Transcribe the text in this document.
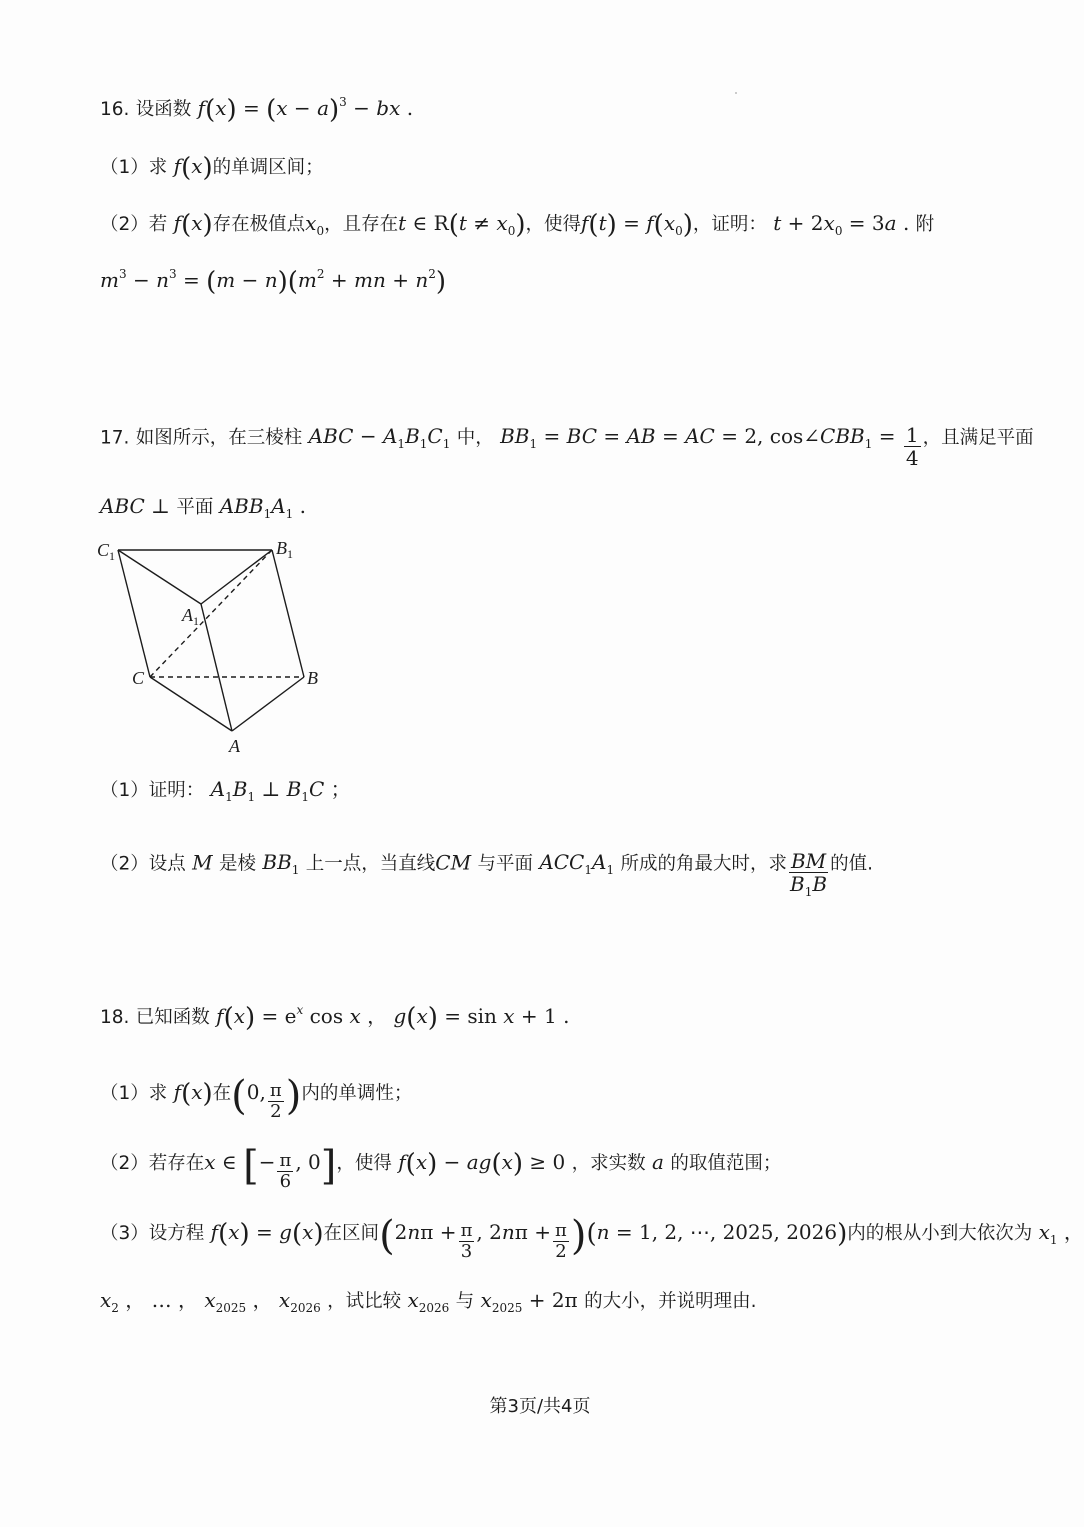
16. 设函数 $f(x) = (x - a)^3$ − bx .
（1）求 f(x)的单调区间；
（2）若 f(x)存在极值点$x_0$，且存在t ∈ $R(t \ne x_0)$，使得$f(t) = f(x_0)$，证明： $t + 2x_0 = 3a$ . 附
$m^3 - n^3 = (m - n)(m^2$ + mn + $n^2$)
17. 如图所示，在三棱柱 ABC − $A_1B_1C_1$ 中， $BB_1$ = BC = AB = AC = 2, $\cos\angle CBB_1 = \frac{1}{4}$ ，且满足平面
ABC ⊥ 平面 $ABB_1A_1$ .
$C_1$	$B_1$
$A_1$
C	B
A
（1）证明： $A_1B_1$ ⊥ $B_1C$ ；
（2）设点 M 是棱 $BB_1$ 上一点，当直线CM 与平面 $ACC_1A_1$ 所成的角最大时，求 $\frac{BM}{B_1B}$ 的值.
18. 已知函数 $f(x) = e^x$ cos x ， g(x) = sin x + 1 .
（1）求 f(x)在(0, $\frac{\pi}{2}$ )内的单调性；
（2）若存在x ∈ [− $\frac{\pi}{6}$ , 0]，使得 f(x) − ag(x) ≥ 0 ，求实数 a 的取值范围；
（3）设方程 f(x) = g(x)在区间($2n\pi + \frac{\pi}{3}$ , $2n\pi + \frac{\pi}{2} )(n = 1$, 2, ⋯, 2025, 2026)内的根从小到大依次为 $x_1$ ，
$x_2$ ， … ， $x_{2025}$ ， $x_{2026}$ ，试比较 $x_{2026}$ 与 $x_{2025} + 2\pi$ 的大小，并说明理由.
第3页/共4页
